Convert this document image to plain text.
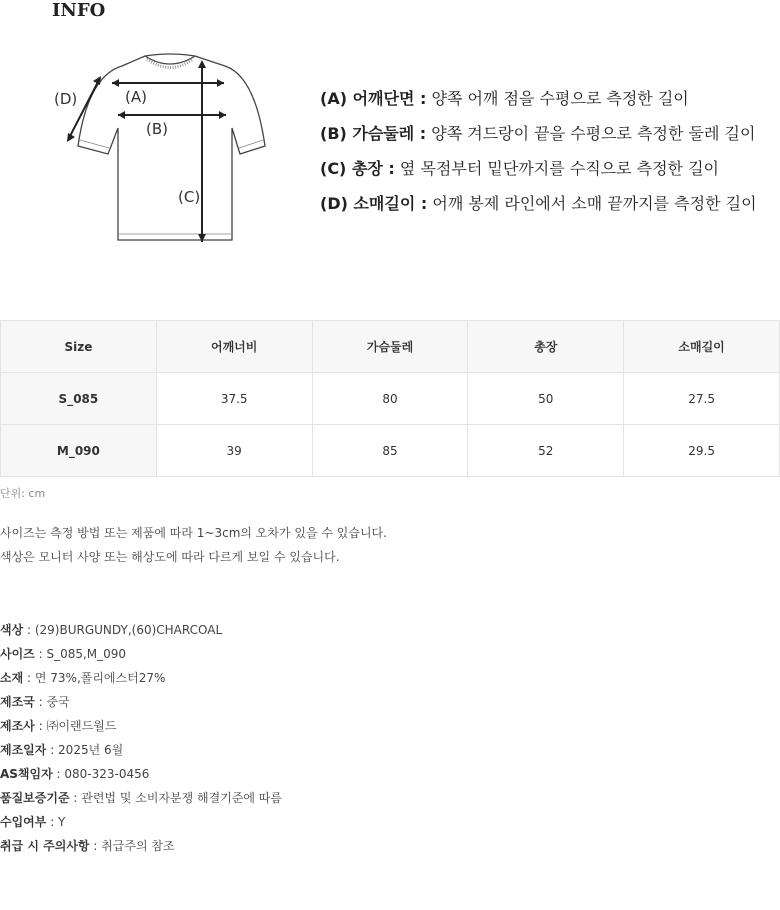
INFO
(A)
(B)
(C)
(D)	(A) 어깨단면 : 양쪽 어깨 점을 수평으로 측정한 길이
(B) 가슴둘레 : 양쪽 겨드랑이 끝을 수평으로 측정한 둘레 길이
(C) 총장 : 옆 목점부터 밑단까지를 수직으로 측정한 길이
(D) 소매길이 : 어깨 봉제 라인에서 소매 끝까지를 측정한 길이
Size	어깨너비	가슴둘레	총장	소매길이
S_085	37.5	80	50	27.5
M_090	39	85	52	29.5
단위: cm
사이즈는 측정 방법 또는 제품에 따라 1~3cm의 오차가 있을 수 있습니다.
색상은 모니터 사양 또는 해상도에 따라 다르게 보일 수 있습니다.
색상 : (29)BURGUNDY,(60)CHARCOAL
사이즈 : S_085,M_090
소재 : 면 73%,폴리에스터27%
제조국 : 중국
제조사 : ㈜이랜드월드
제조일자 : 2025년 6월
AS책임자 : 080-323-0456
품질보증기준 : 관련법 및 소비자분쟁 해결기준에 따름
수입여부 : Y
취급 시 주의사항 : 취급주의 참조
